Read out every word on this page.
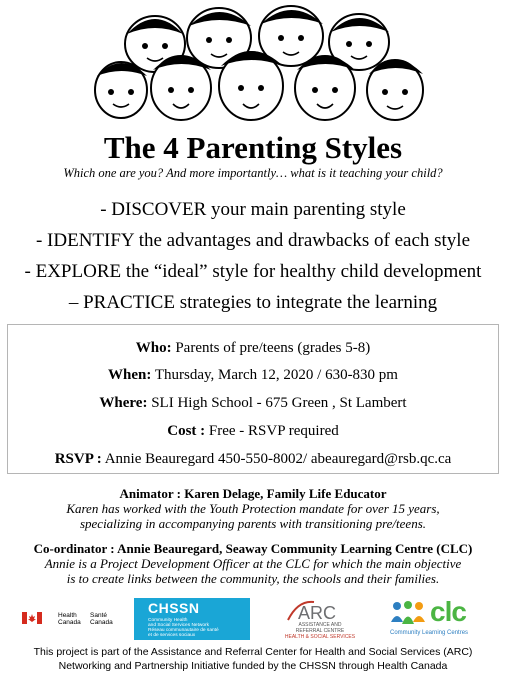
The 4 Parenting Styles
Which one are you? And more importantly… what is it teaching your child?
- DISCOVER your main parenting style
- IDENTIFY the advantages and drawbacks of each style
- EXPLORE the “ideal” style for healthy child development
– PRACTICE strategies to integrate the learning
Who: Parents of pre/teens (grades 5-8)
When: Thursday, March 12, 2020 / 630-830 pm
Where: SLI High School - 675 Green , St Lambert
Cost : Free - RSVP required
RSVP : Annie Beauregard 450-550-8002/ abeauregard@rsb.qc.ca
Animator : Karen Delage, Family Life Educator
Karen has worked with the Youth Protection mandate for over 15 years,
specializing in accompanying parents with transitioning pre/teens.
Co-ordinator : Annie Beauregard, Seaway Community Learning Centre (CLC)
Annie is a Project Development Officer at the CLC for which the main objective
is to create links between the community, the schools and their families.
Health
Canada
Santé
Canada
CHSSN
Community Health
and Social Services Network
Réseau communautaire de santé
et de services sociaux
ARC
ASSISTANCE AND
REFERRAL CENTRE
HEALTH & SOCIAL SERVICES
clc
Community Learning Centres
This project is part of the Assistance and Referral Center for Health and Social Services (ARC)
Networking and Partnership Initiative funded by the CHSSN through Health Canada
